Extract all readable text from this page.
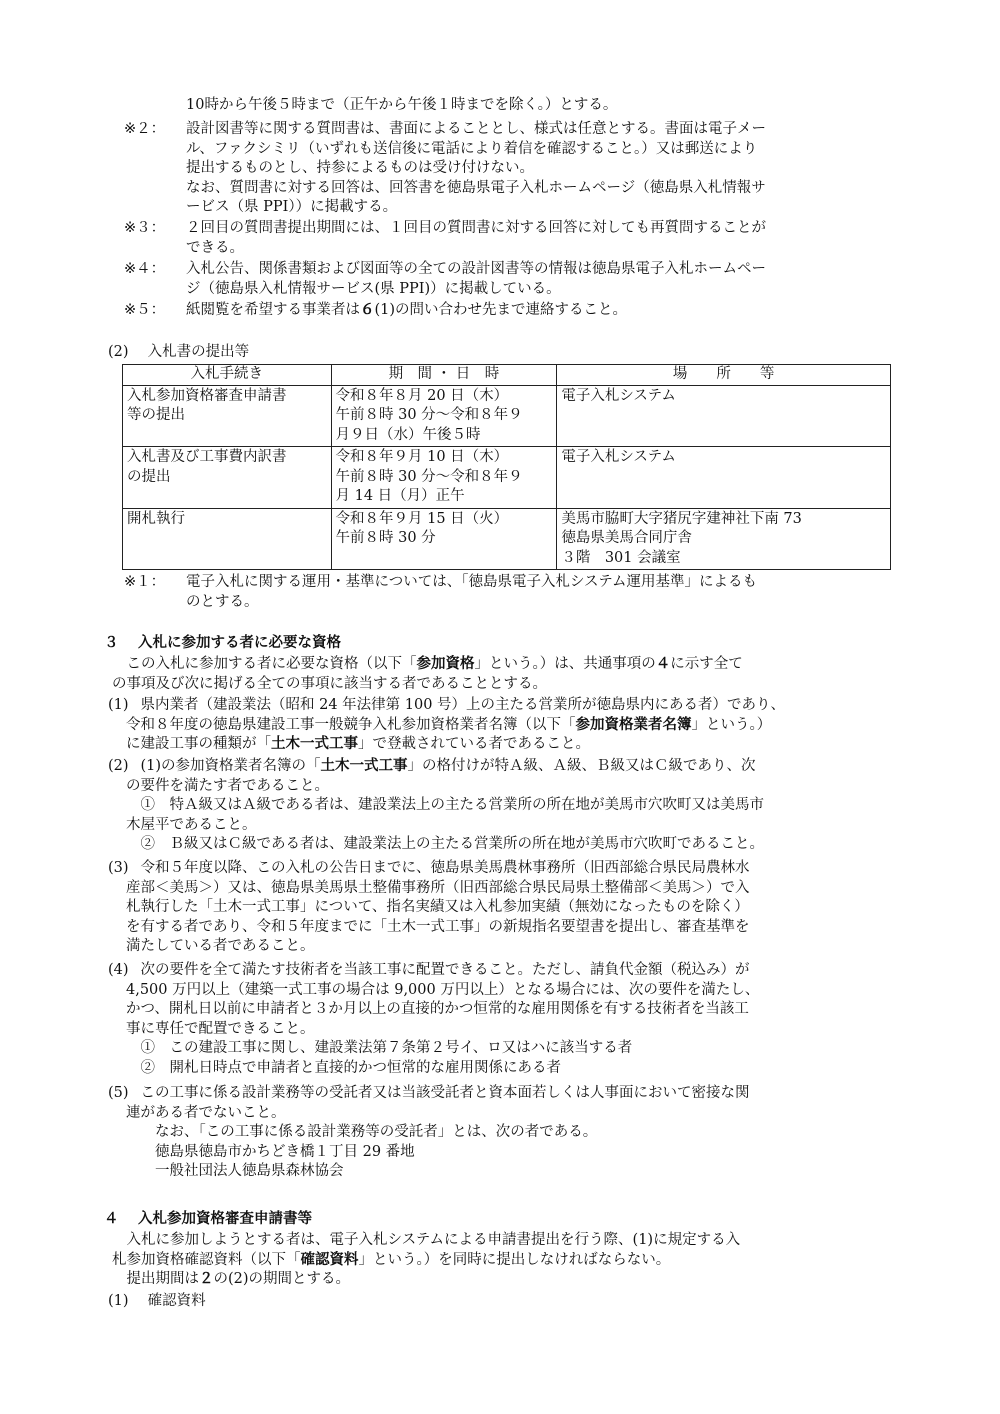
10時から午後５時まで（正午から午後１時までを除く。）とする。
※２： 設計図書等に関する質問書は、書面によることとし、様式は任意とする。書面は電子メー
ル、ファクシミリ（いずれも送信後に電話により着信を確認すること。）又は郵送により
提出するものとし、持参によるものは受け付けない。
なお、質問書に対する回答は、回答書を徳島県電子入札ホームページ（徳島県入札情報サ
ービス（県 PPI））に掲載する。
※３： ２回目の質問書提出期間には、１回目の質問書に対する回答に対しても再質問することが
できる。
※４： 入札公告、関係書類および図面等の全ての設計図書等の情報は徳島県電子入札ホームペー
ジ（徳島県入札情報サービス(県 PPI)）に掲載している。
※５： 紙閲覧を希望する事業者は６(1)の問い合わせ先まで連絡すること。
(2)　 入札書の提出等
入札手続き	期　間 ・ 日　時	場　　所　　等

入札参加資格審査申請書
等の提出	令和８年８月 20 日（木）
午前８時 30 分～令和８年９
月９日（水）午後５時	電子入札システム

入札書及び工事費内訳書
の提出	令和８年９月 10 日（木）
午前８時 30 分～令和８年９
月 14 日（月）正午	電子入札システム

開札執行	令和８年９月 15 日（火）
午前８時 30 分	美馬市脇町大字猪尻字建神社下南 73
徳島県美馬合同庁舎
３階　301 会議室
※１： 電子入札に関する運用・基準については、「徳島県電子入札システム運用基準」によるも
のとする。
３　 入札に参加する者に必要な資格
　この入札に参加する者に必要な資格（以下「参加資格」という。）は、共通事項の４に示す全て
の事項及び次に掲げる全ての事項に該当する者であることとする。
(1)
　県内業者（建設業法（昭和 24 年法律第 100 号）上の主たる営業所が徳島県内にある者）であり、
令和８年度の徳島県建設工事一般競争入札参加資格業者名簿（以下「参加資格業者名簿」という。）
に建設工事の種類が「土木一式工事」で登載されている者であること。
(2)
　(1)の参加資格業者名簿の「土木一式工事」の格付けが特Ａ級、Ａ級、Ｂ級又はＣ級であり、次
の要件を満たす者であること。
　①　特Ａ級又はＡ級である者は、建設業法上の主たる営業所の所在地が美馬市穴吹町又は美馬市
木屋平であること。
　②　Ｂ級又はＣ級である者は、建設業法上の主たる営業所の所在地が美馬市穴吹町であること。
(3)
　令和５年度以降、この入札の公告日までに、徳島県美馬農林事務所（旧西部総合県民局農林水
産部＜美馬＞）又は、徳島県美馬県土整備事務所（旧西部総合県民局県土整備部＜美馬＞）で入
札執行した「土木一式工事」について、指名実績又は入札参加実績（無効になったものを除く）
を有する者であり、令和５年度までに「土木一式工事」の新規指名要望書を提出し、審査基準を
満たしている者であること。
(4)
　次の要件を全て満たす技術者を当該工事に配置できること。ただし、請負代金額（税込み）が
4,500 万円以上（建築一式工事の場合は 9,000 万円以上）となる場合には、次の要件を満たし、
かつ、開札日以前に申請者と３か月以上の直接的かつ恒常的な雇用関係を有する技術者を当該工
事に専任で配置できること。
　①　この建設工事に関し、建設業法第７条第２号イ、ロ又はハに該当する者
　②　開札日時点で申請者と直接的かつ恒常的な雇用関係にある者
(5)
　この工事に係る設計業務等の受託者又は当該受託者と資本面若しくは人事面において密接な関
連がある者でないこと。
　　なお、「この工事に係る設計業務等の受託者」とは、次の者である。
　　徳島県徳島市かちどき橋１丁目 29 番地
　　一般社団法人徳島県森林協会
４　 入札参加資格審査申請書等
　入札に参加しようとする者は、電子入札システムによる申請書提出を行う際、(1)に規定する入
札参加資格確認資料（以下「確認資料」という。）を同時に提出しなければならない。
　提出期間は２の(2)の期間とする。
(1)　 確認資料
